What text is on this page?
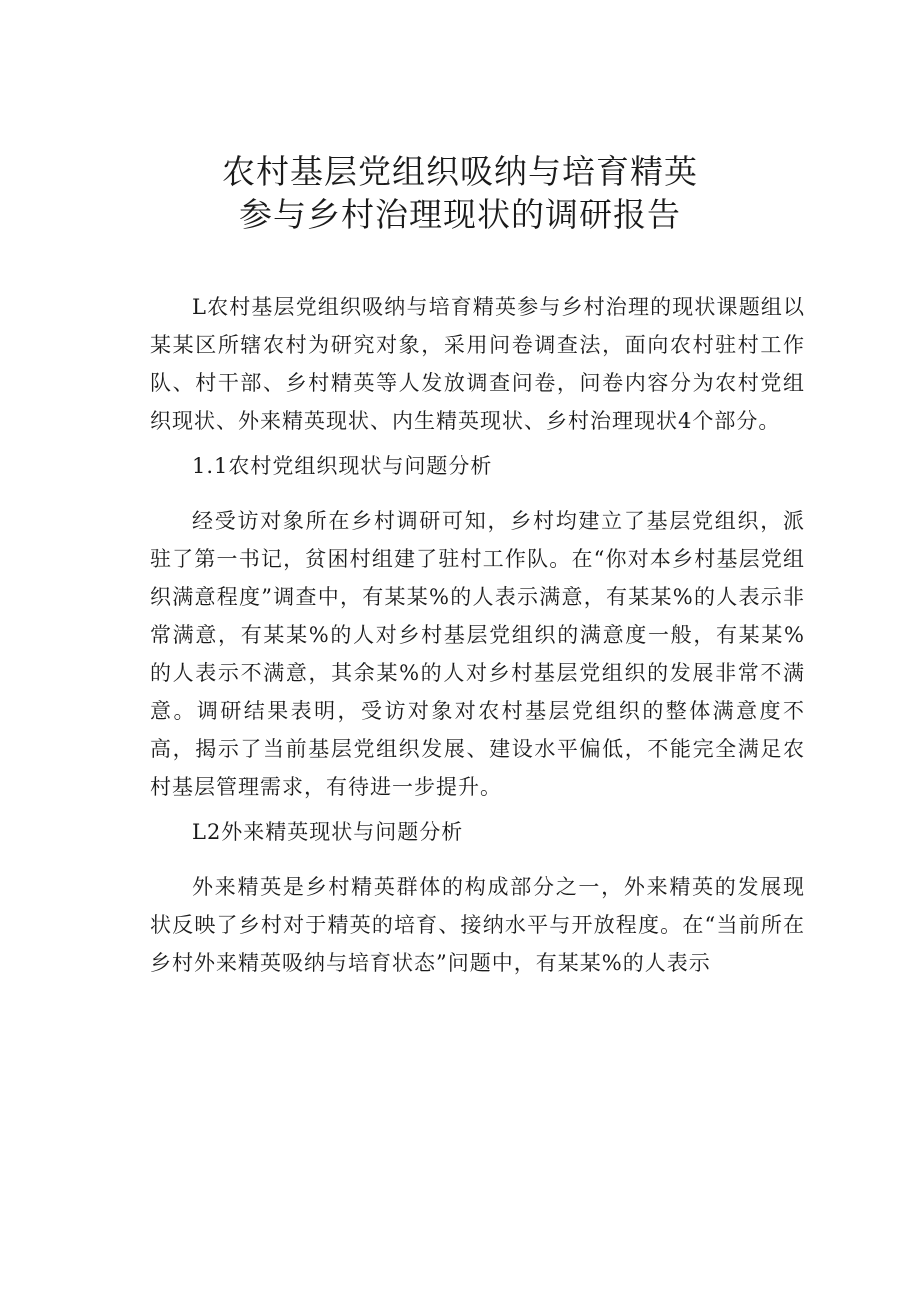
农村基层党组织吸纳与培育精英
参与乡村治理现状的调研报告

L农村基层党组织吸纳与培育精英参与乡村治理的现状课题组以某某区所辖农村为研究对象，采用问卷调查法，面向农村驻村工作队、村干部、乡村精英等人发放调查问卷，问卷内容分为农村党组织现状、外来精英现状、内生精英现状、乡村治理现状4个部分。

1.1农村党组织现状与问题分析

经受访对象所在乡村调研可知，乡村均建立了基层党组织，派驻了第一书记，贫困村组建了驻村工作队。在“你对本乡村基层党组织满意程度”调查中，有某某%的人表示满意，有某某%的人表示非常满意，有某某%的人对乡村基层党组织的满意度一般，有某某%的人表示不满意，其余某%的人对乡村基层党组织的发展非常不满意。调研结果表明，受访对象对农村基层党组织的整体满意度不高，揭示了当前基层党组织发展、建设水平偏低，不能完全满足农村基层管理需求，有待进一步提升。

L2外来精英现状与问题分析

外来精英是乡村精英群体的构成部分之一，外来精英的发展现状反映了乡村对于精英的培育、接纳水平与开放程度。在“当前所在乡村外来精英吸纳与培育状态”问题中，有某某%的人表示
